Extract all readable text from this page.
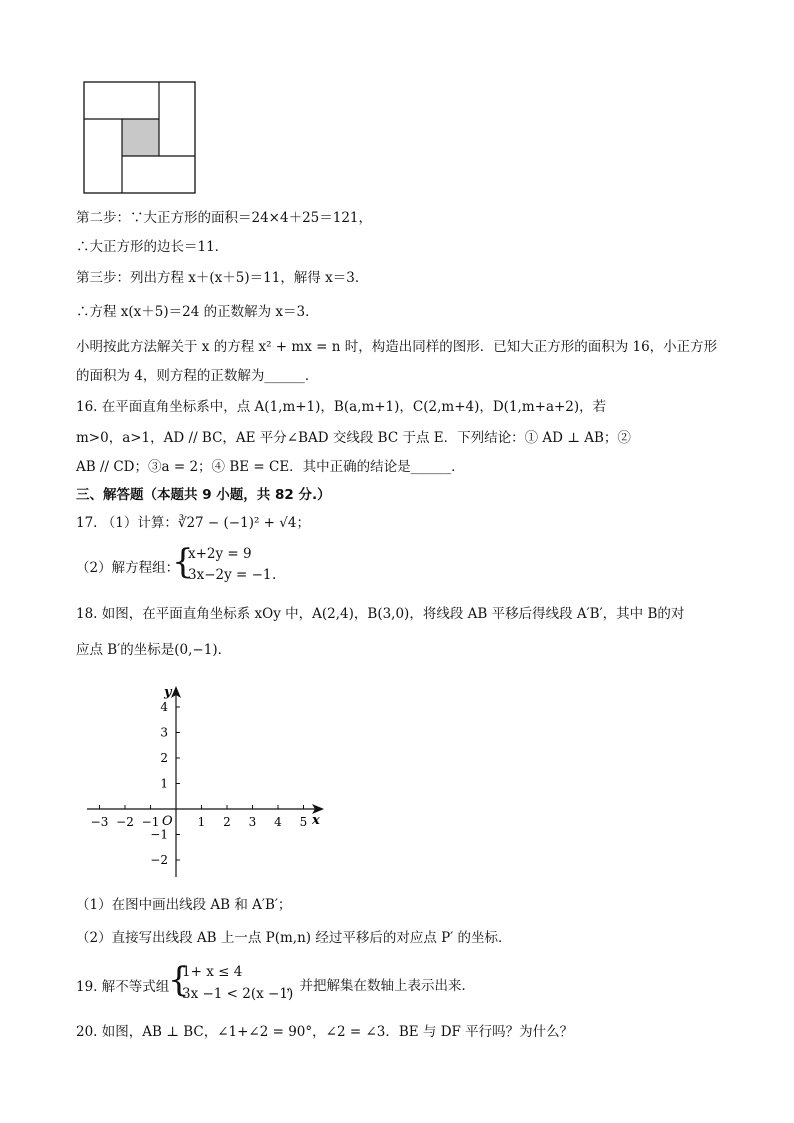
第二步：∵大正方形的面积＝24×4＋25＝121，
∴大正方形的边长＝11．
第三步：列出方程 x＋(x＋5)＝11，解得 x＝3．
∴方程 x(x＋5)＝24 的正数解为 x＝3．
小明按此方法解关于 x 的方程 x² + mx = n 时，构造出同样的图形．已知大正方形的面积为 16，小正方形
的面积为 4，则方程的正数解为______．
16. 在平面直角坐标系中，点 A(1,m+1)，B(a,m+1)，C(2,m+4)，D(1,m+a+2)，若
m>0，a>1，AD // BC，AE 平分∠BAD 交线段 BC 于点 E．下列结论：① AD ⊥ AB；②
AB // CD；③a = 2；④ BE = CE．其中正确的结论是______．
三、解答题（本题共 9 小题，共 82 分.）
17. （1）计算：∛27 − (−1)² + √4；
（2）解方程组：
{
x+2y = 9
3x−2y = −1 .
18. 如图，在平面直角坐标系 xOy 中，A(2,4)，B(3,0)，将线段 AB 平移后得线段 A′B′，其中 B的对
应点 B′的坐标是(0,−1)．
−3 −2 −1	1 2 3 4 5
4
3
2
1
−1
−2
y
x
O
（1）在图中画出线段 AB 和 A′B′；
（2）直接写出线段 AB 上一点 P(m,n) 经过平移后的对应点 P′ 的坐标．
19. 解不等式组
{
1+ x ≤ 4
3x −1 < 2(x −1)
，并把解集在数轴上表示出来．
20. 如图，AB ⊥ BC，∠1+∠2 = 90°，∠2 = ∠3．BE 与 DF 平行吗？为什么？
